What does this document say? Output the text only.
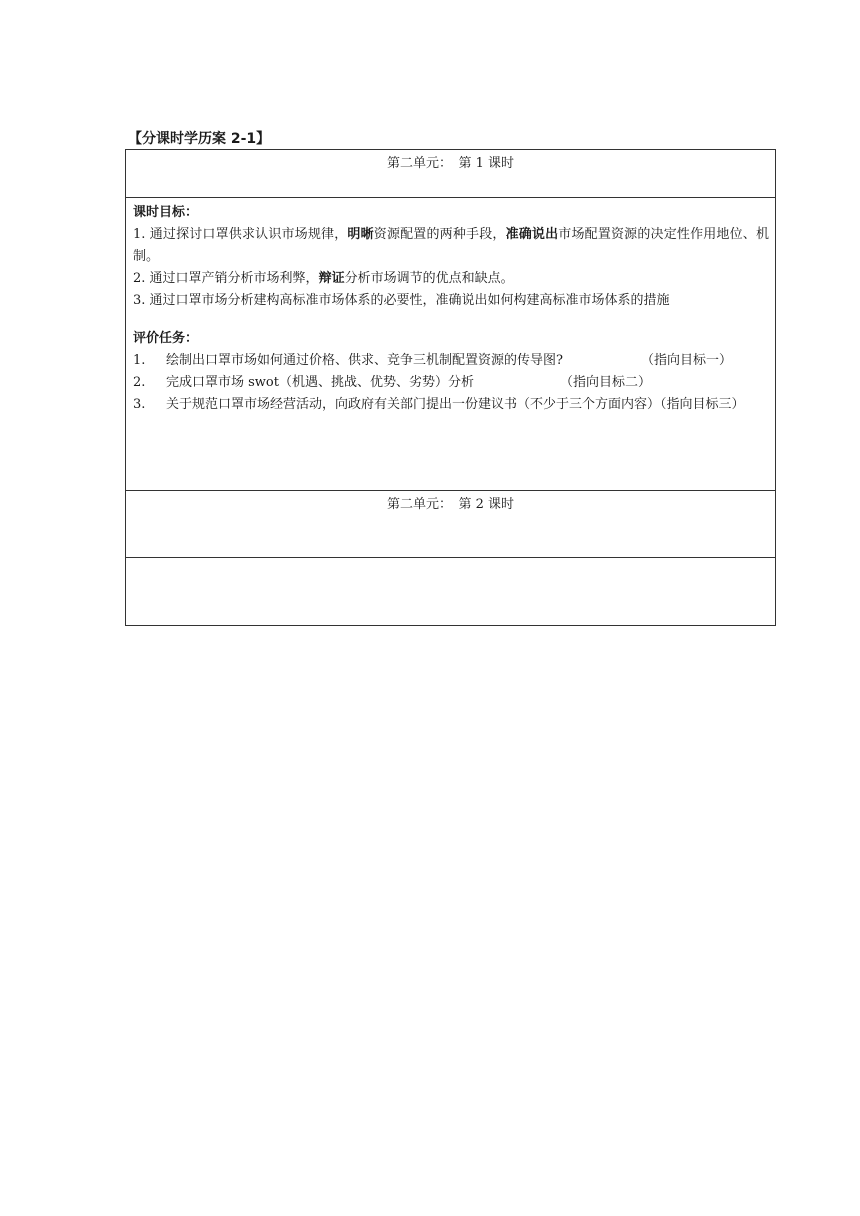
【分课时学历案 2-1】
第二单元：　第 1 课时
课时目标：
1. 通过探讨口罩供求认识市场规律，明晰资源配置的两种手段，准确说出市场配置资源的决定性作用地位、机制。
2. 通过口罩产销分析市场利弊，辩证分析市场调节的优点和缺点。
3. 通过口罩市场分析建构高标准市场体系的必要性，准确说出如何构建高标准市场体系的措施
评价任务：
1.	绘制出口罩市场如何通过价格、供求、竞争三机制配置资源的传导图?	（指向目标一）
2.	完成口罩市场 swot（机遇、挑战、优势、劣势）分析	（指向目标二）
3.	关于规范口罩市场经营活动，向政府有关部门提出一份建议书（不少于三个方面内容）（指向目标三）
第二单元：　第 2 课时
